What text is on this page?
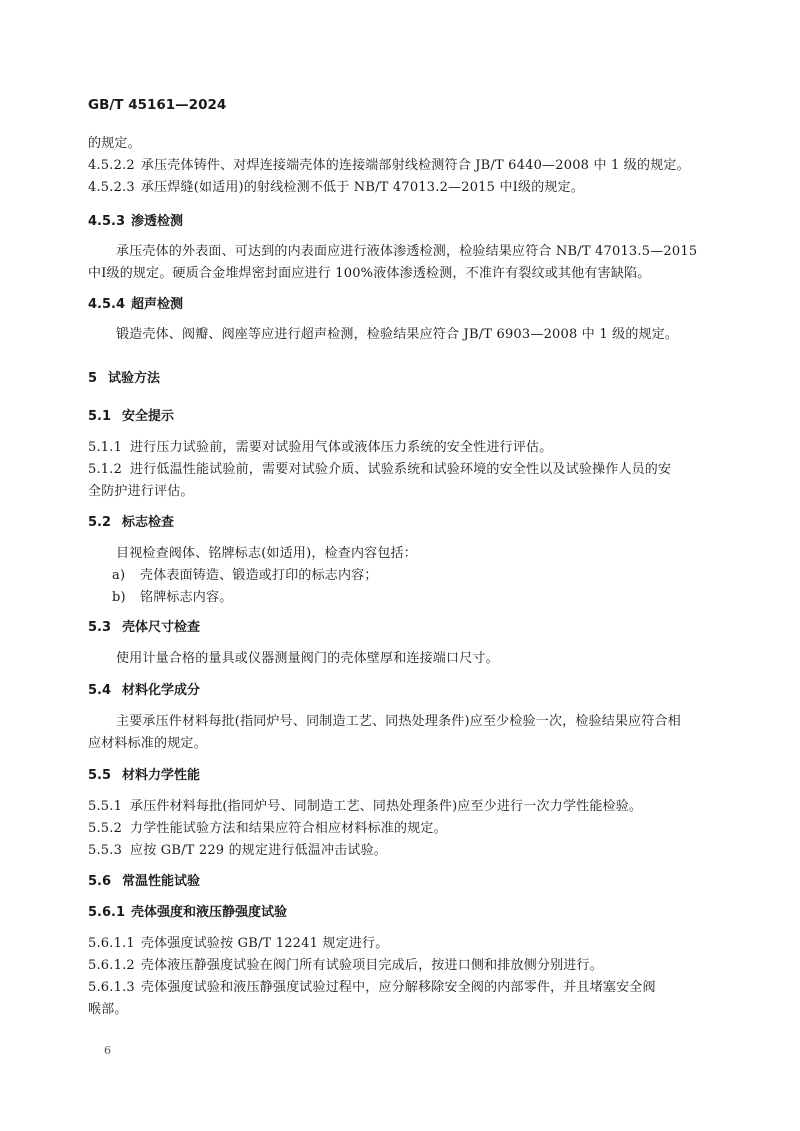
GB/T 45161—2024
的规定。
4.5.2.2 承压壳体铸件、对焊连接端壳体的连接端部射线检测符合 JB/T 6440—2008 中 1 级的规定。
4.5.2.3 承压焊缝(如适用)的射线检测不低于 NB/T 47013.2—2015 中Ⅰ级的规定。
4.5.3 渗透检测
承压壳体的外表面、可达到的内表面应进行液体渗透检测，检验结果应符合 NB/T 47013.5—2015
中Ⅰ级的规定。硬质合金堆焊密封面应进行 100%液体渗透检测，不准许有裂纹或其他有害缺陷。
4.5.4 超声检测
锻造壳体、阀瓣、阀座等应进行超声检测，检验结果应符合 JB/T 6903—2008 中 1 级的规定。
5 试验方法
5.1 安全提示
5.1.1 进行压力试验前，需要对试验用气体或液体压力系统的安全性进行评估。
5.1.2 进行低温性能试验前，需要对试验介质、试验系统和试验环境的安全性以及试验操作人员的安
全防护进行评估。
5.2 标志检查
目视检查阀体、铭牌标志(如适用)，检查内容包括：
a) 壳体表面铸造、锻造或打印的标志内容；
b) 铭牌标志内容。
5.3 壳体尺寸检查
使用计量合格的量具或仪器测量阀门的壳体壁厚和连接端口尺寸。
5.4 材料化学成分
主要承压件材料每批(指同炉号、同制造工艺、同热处理条件)应至少检验一次，检验结果应符合相
应材料标准的规定。
5.5 材料力学性能
5.5.1 承压件材料每批(指同炉号、同制造工艺、同热处理条件)应至少进行一次力学性能检验。
5.5.2 力学性能试验方法和结果应符合相应材料标准的规定。
5.5.3 应按 GB/T 229 的规定进行低温冲击试验。
5.6 常温性能试验
5.6.1 壳体强度和液压静强度试验
5.6.1.1 壳体强度试验按 GB/T 12241 规定进行。
5.6.1.2 壳体液压静强度试验在阀门所有试验项目完成后，按进口侧和排放侧分别进行。
5.6.1.3 壳体强度试验和液压静强度试验过程中，应分解移除安全阀的内部零件，并且堵塞安全阀
喉部。
6
